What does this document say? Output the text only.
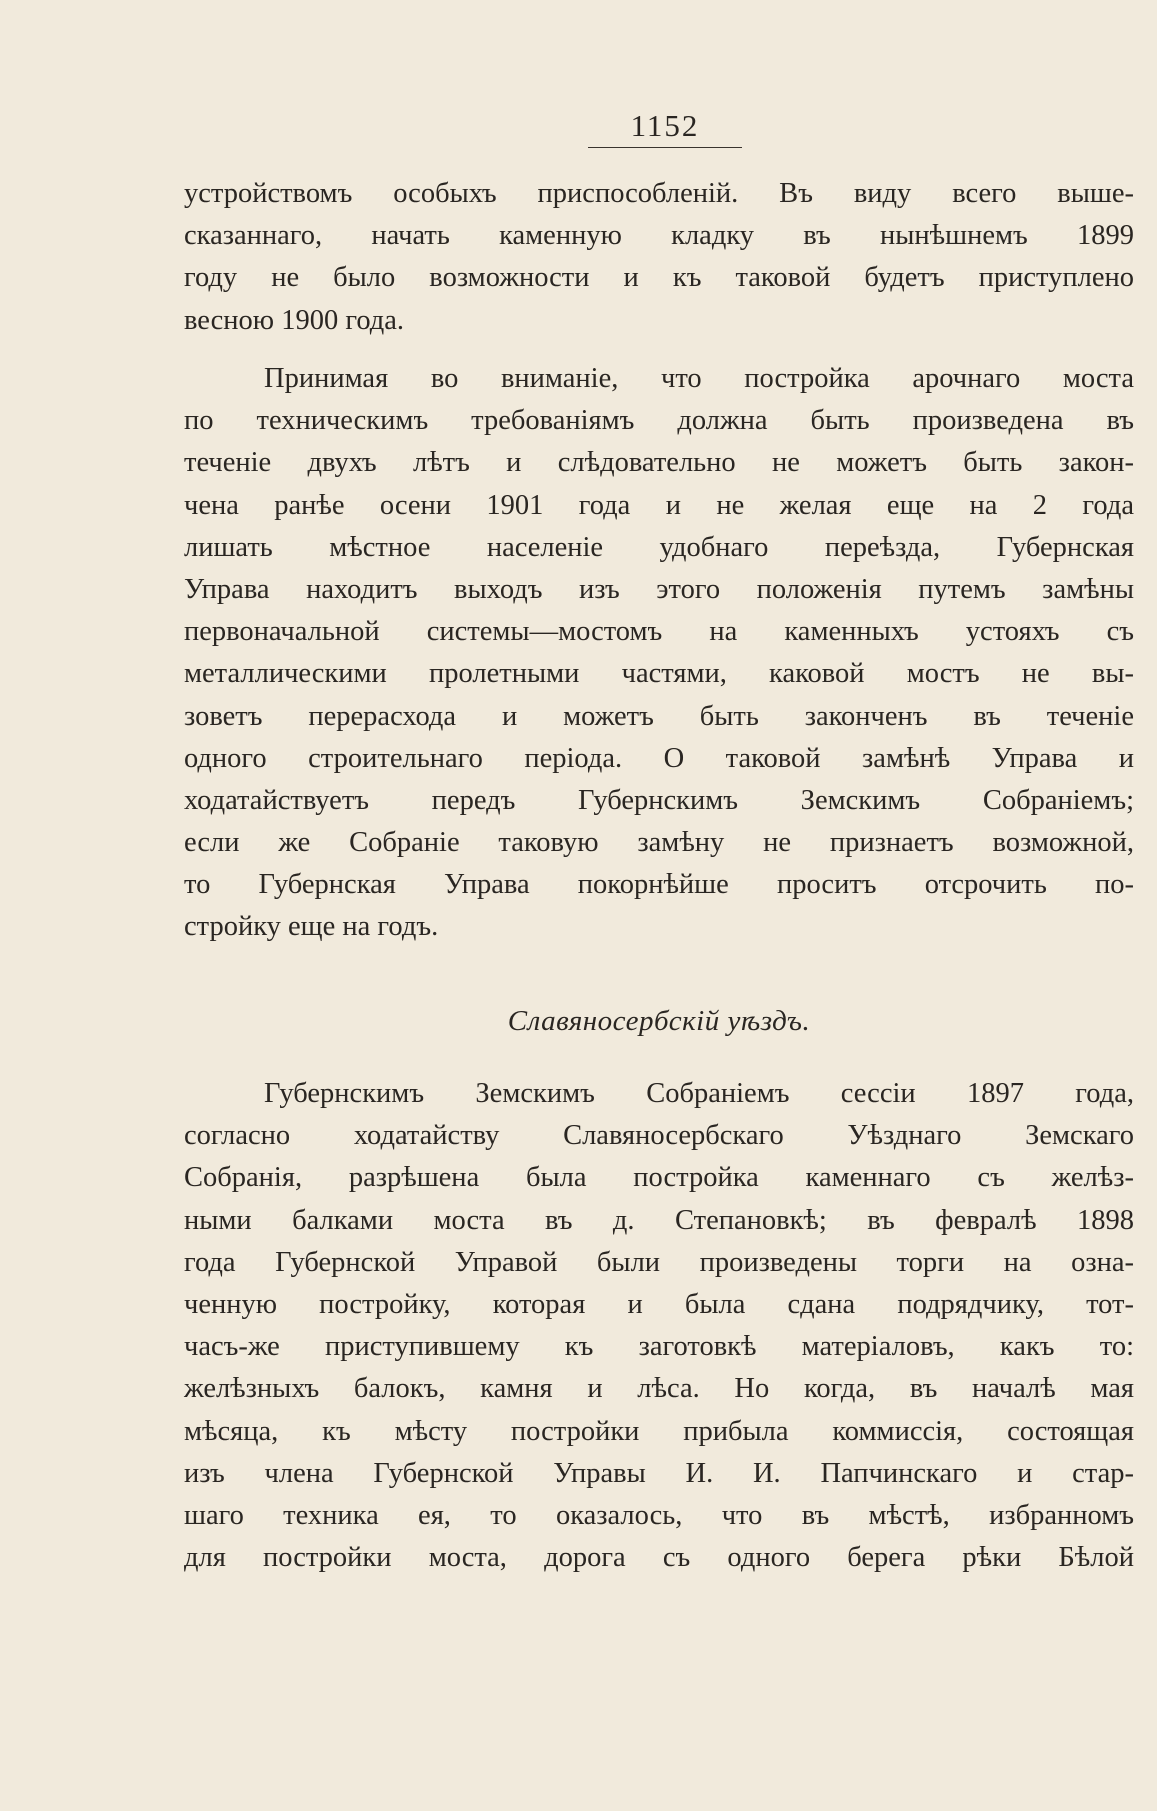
1152
устройствомъ особыхъ приспособленій. Въ виду всего выше-
сказаннаго, начать каменную кладку въ нынѣшнемъ 1899
году не было возможности и къ таковой будетъ приступлено
весною 1900 года.
Принимая во вниманіе, что постройка арочнаго моста
по техническимъ требованіямъ должна быть произведена въ
теченіе двухъ лѣтъ и слѣдовательно не можетъ быть закон-
чена ранѣе осени 1901 года и не желая еще на 2 года
лишать мѣстное населеніе удобнаго переѣзда, Губернская
Управа находитъ выходъ изъ этого положенія путемъ замѣны
первоначальной системы—мостомъ на каменныхъ устояхъ съ
металлическими пролетными частями, каковой мостъ не вы-
зоветъ перерасхода и можетъ быть законченъ въ теченіе
одного строительнаго періода. О таковой замѣнѣ Управа и
ходатайствуетъ передъ Губернскимъ Земскимъ Собраніемъ;
если же Собраніе таковую замѣну не признаетъ возможной,
то Губернская Управа покорнѣйше проситъ отсрочить по-
стройку еще на годъ.
Славяносербскій уѣздъ.
Губернскимъ Земскимъ Собраніемъ сессіи 1897 года,
согласно ходатайству Славяносербскаго Уѣзднаго Земскаго
Собранія, разрѣшена была постройка каменнаго съ желѣз-
ными балками моста въ д. Степановкѣ; въ февралѣ 1898
года Губернской Управой были произведены торги на озна-
ченную постройку, которая и была сдана подрядчику, тот-
часъ-же приступившему къ заготовкѣ матеріаловъ, какъ то:
желѣзныхъ балокъ, камня и лѣса. Но когда, въ началѣ мая
мѣсяца, къ мѣсту постройки прибыла коммиссія, состоящая
изъ члена Губернской Управы И. И. Папчинскаго и стар-
шаго техника ея, то оказалось, что въ мѣстѣ, избранномъ
для постройки моста, дорога съ одного берега рѣки Бѣлой
